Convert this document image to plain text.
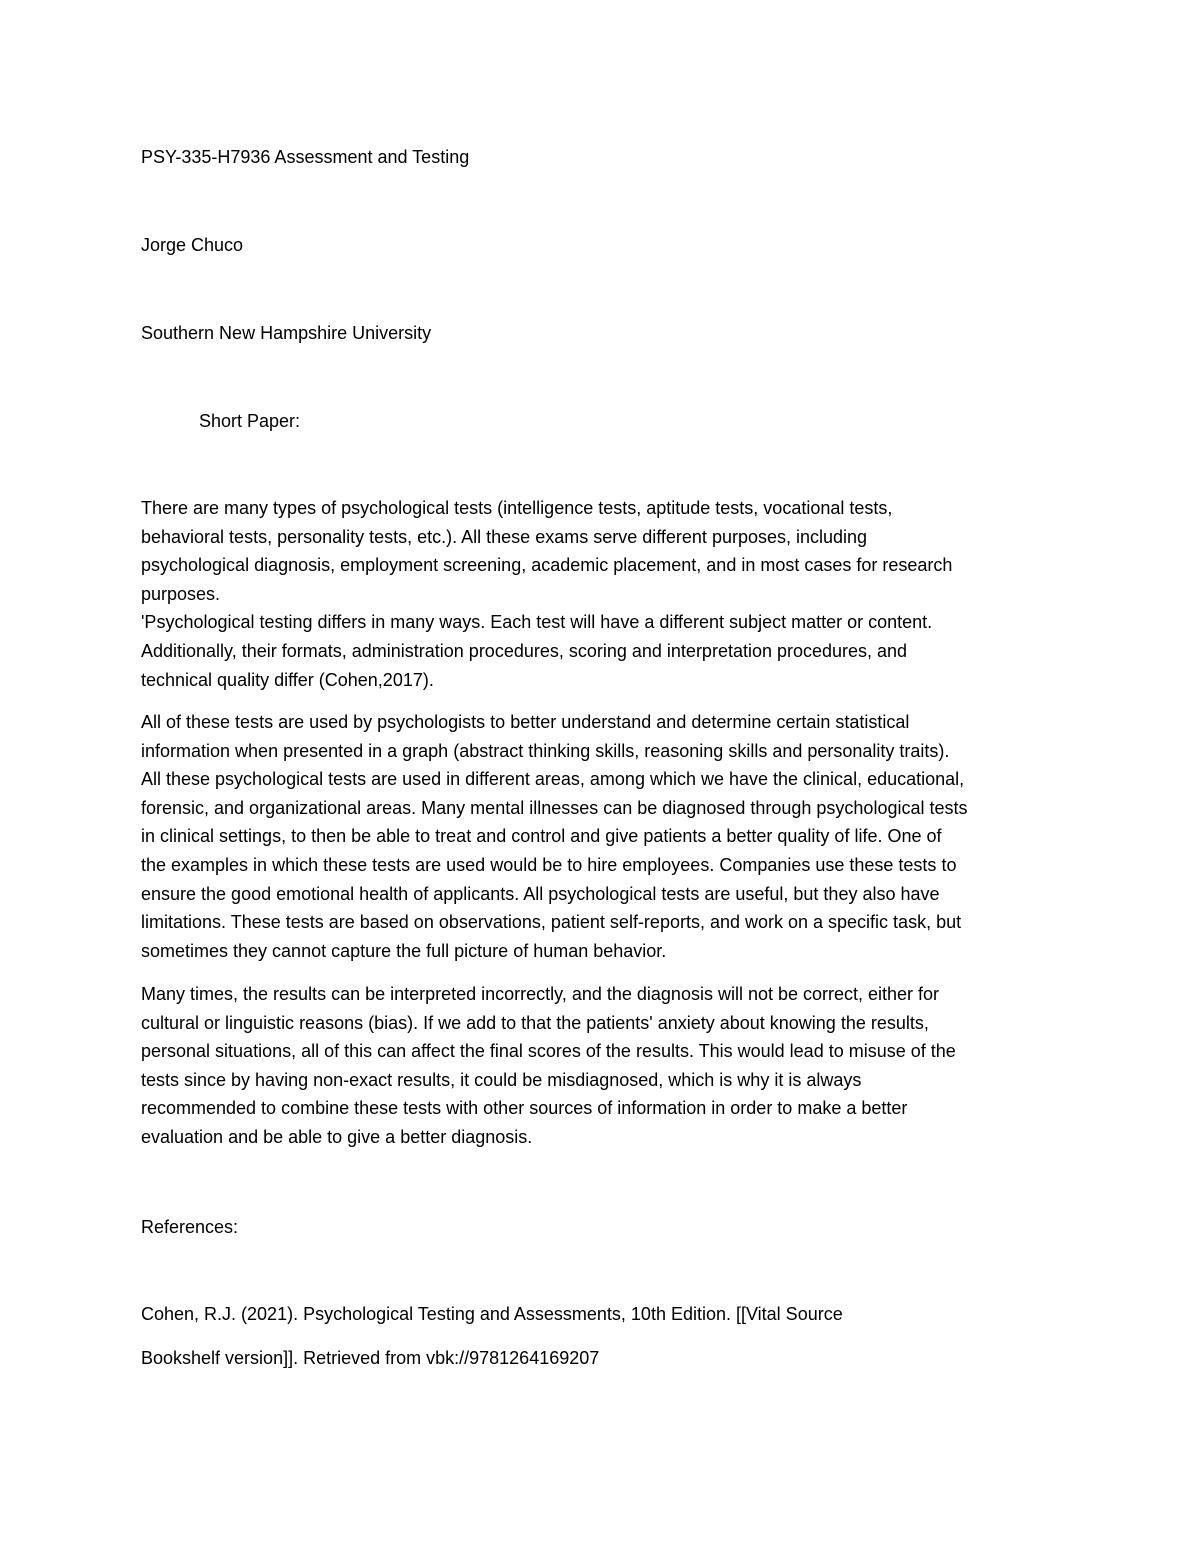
PSY-335-H7936 Assessment and Testing

Jorge Chuco

Southern New Hampshire University

Short Paper:

There are many types of psychological tests (intelligence tests, aptitude tests, vocational tests,
behavioral tests, personality tests, etc.). All these exams serve different purposes, including
psychological diagnosis, employment screening, academic placement, and in most cases for research
purposes.
'Psychological testing differs in many ways. Each test will have a different subject matter or content.
Additionally, their formats, administration procedures, scoring and interpretation procedures, and
technical quality differ (Cohen,2017).
All of these tests are used by psychologists to better understand and determine certain statistical
information when presented in a graph (abstract thinking skills, reasoning skills and personality traits).
All these psychological tests are used in different areas, among which we have the clinical, educational,
forensic, and organizational areas. Many mental illnesses can be diagnosed through psychological tests
in clinical settings, to then be able to treat and control and give patients a better quality of life. One of
the examples in which these tests are used would be to hire employees. Companies use these tests to
ensure the good emotional health of applicants. All psychological tests are useful, but they also have
limitations. These tests are based on observations, patient self-reports, and work on a specific task, but
sometimes they cannot capture the full picture of human behavior.
Many times, the results can be interpreted incorrectly, and the diagnosis will not be correct, either for
cultural or linguistic reasons (bias). If we add to that the patients' anxiety about knowing the results,
personal situations, all of this can affect the final scores of the results. This would lead to misuse of the
tests since by having non-exact results, it could be misdiagnosed, which is why it is always
recommended to combine these tests with other sources of information in order to make a better
evaluation and be able to give a better diagnosis.

References:

Cohen, R.J. (2021). Psychological Testing and Assessments, 10th Edition. [[Vital Source

Bookshelf version]]. Retrieved from vbk://9781264169207
